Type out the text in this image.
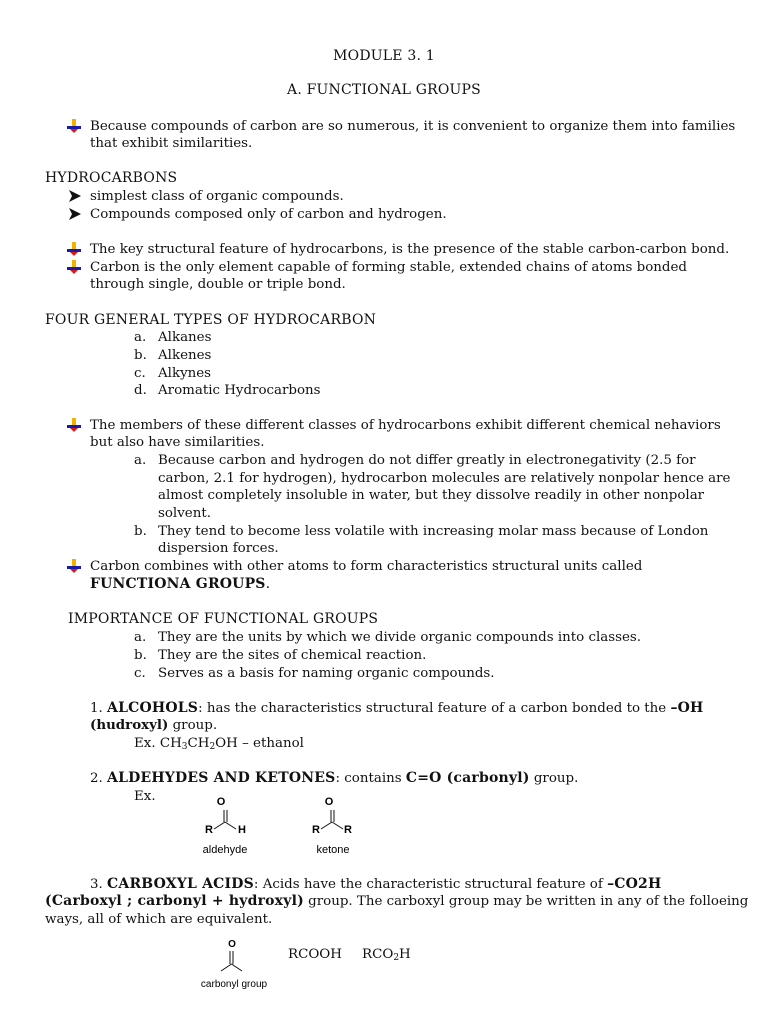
MODULE 3. 1
A. FUNCTIONAL GROUPS
Because compounds of carbon are so numerous, it is convenient to organize them into families
that exhibit similarities.
HYDROCARBONS
simplest class of organic compounds.
Compounds composed only of carbon and hydrogen.
The key structural feature of hydrocarbons, is the presence of the stable carbon-carbon bond.
Carbon is the only element capable of forming stable, extended chains of atoms bonded
through single, double or triple bond.
FOUR GENERAL TYPES OF HYDROCARBON
a. Alkanes
b. Alkenes
c. Alkynes
d. Aromatic Hydrocarbons
The members of these different classes of hydrocarbons exhibit different chemical nehaviors
but also have similarities.
a. Because carbon and hydrogen do not differ greatly in electronegativity (2.5 for
carbon, 2.1 for hydrogen), hydrocarbon molecules are relatively nonpolar hence are
almost completely insoluble in water, but they dissolve readily in other nonpolar
solvent.
b. They tend to become less volatile with increasing molar mass because of London
dispersion forces.
Carbon combines with other atoms to form characteristics structural units called
FUNCTIONA GROUPS.
IMPORTANCE OF FUNCTIONAL GROUPS
a. They are the units by which we divide organic compounds into classes.
b. They are the sites of chemical reaction.
c. Serves as a basis for naming organic compounds.
1. ALCOHOLS: has the characteristics structural feature of a carbon bonded to the –OH
(hudroxyl) group.
Ex. $CH_3CH_2OH$ – ethanol
2. ALDEHYDES AND KETONES: contains C=O (carbonyl) group.
Ex.	O
R H
aldehyde
O
R R
ketone
3. CARBOXYL ACIDS: Acids have the characteristic structural feature of –CO2H
(Carboxyl ; carbonyl + hydroxyl) group. The carboxyl group may be written in any of the folloeing
ways, all of which are equivalent.
O
carbonyl group
RCOOH $RCO_2H$
